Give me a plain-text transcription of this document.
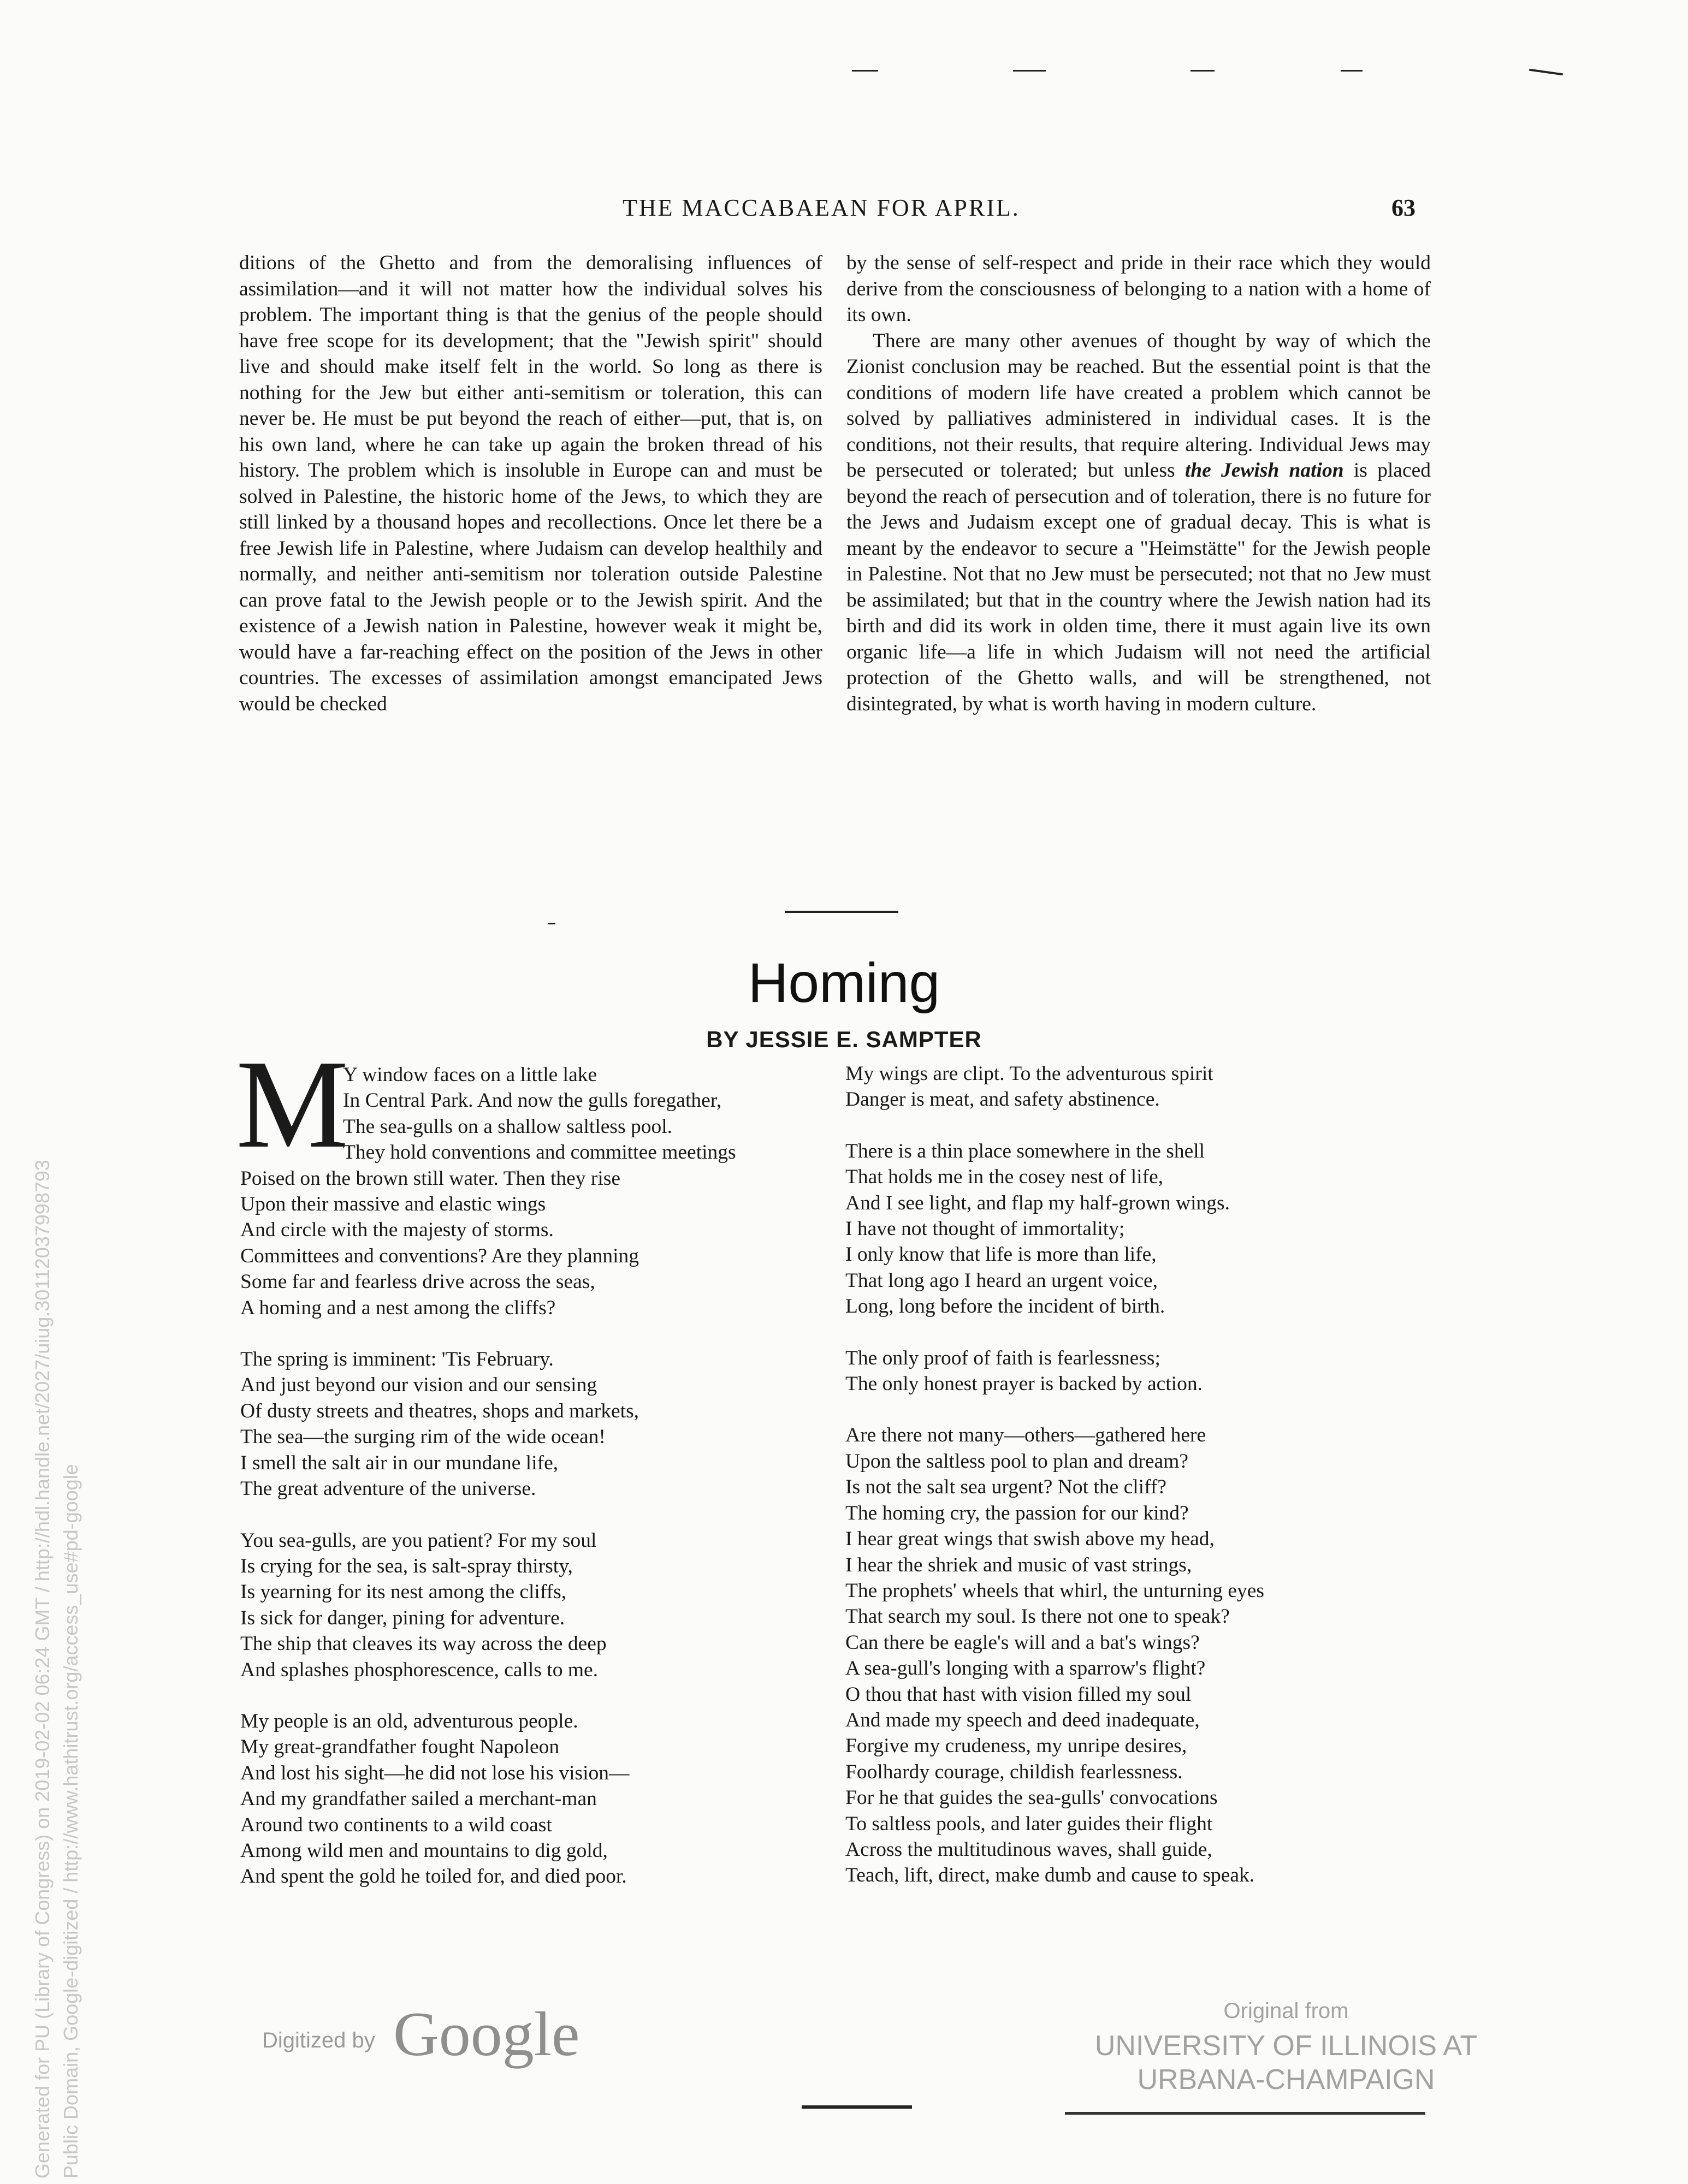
THE MACCABAEAN FOR APRIL.	63

ditions of the Ghetto and from the demoralising influences of assimilation—and it will not matter how the individual solves his problem. The important thing is that the genius of the people should have free scope for its development; that the "Jewish spirit" should live and should make itself felt in the world. So long as there is nothing for the Jew but either anti-semitism or toleration, this can never be. He must be put beyond the reach of either—put, that is, on his own land, where he can take up again the broken thread of his history. The problem which is insoluble in Europe can and must be solved in Palestine, the historic home of the Jews, to which they are still linked by a thousand hopes and recollections. Once let there be a free Jewish life in Palestine, where Judaism can develop healthily and normally, and neither anti-semitism nor toleration outside Palestine can prove fatal to the Jewish people or to the Jewish spirit. And the existence of a Jewish nation in Palestine, however weak it might be, would have a far-reaching effect on the position of the Jews in other countries. The excesses of assimilation amongst emancipated Jews would be checked

by the sense of self-respect and pride in their race which they would derive from the consciousness of belonging to a nation with a home of its own.

There are many other avenues of thought by way of which the Zionist conclusion may be reached. But the essential point is that the conditions of modern life have created a problem which cannot be solved by palliatives administered in individual cases. It is the conditions, not their results, that require altering. Individual Jews may be persecuted or tolerated; but unless the Jewish nation is placed beyond the reach of persecution and of toleration, there is no future for the Jews and Judaism except one of gradual decay. This is what is meant by the endeavor to secure a "Heimstätte" for the Jewish people in Palestine. Not that no Jew must be persecuted; not that no Jew must be assimilated; but that in the country where the Jewish nation had its birth and did its work in olden time, there it must again live its own organic life—a life in which Judaism will not need the artificial protection of the Ghetto walls, and will be strengthened, not disintegrated, by what is worth having in modern culture.

Homing
BY JESSIE E. SAMPTER
M
Y window faces on a little lake
In Central Park. And now the gulls foregather,
The sea-gulls on a shallow saltless pool.
They hold conventions and committee meetings
Poised on the brown still water. Then they rise
Upon their massive and elastic wings
And circle with the majesty of storms.
Committees and conventions? Are they planning
Some far and fearless drive across the seas,
A homing and a nest among the cliffs?
The spring is imminent: 'Tis February.
And just beyond our vision and our sensing
Of dusty streets and theatres, shops and markets,
The sea—the surging rim of the wide ocean!
I smell the salt air in our mundane life,
The great adventure of the universe.
You sea-gulls, are you patient? For my soul
Is crying for the sea, is salt-spray thirsty,
Is yearning for its nest among the cliffs,
Is sick for danger, pining for adventure.
The ship that cleaves its way across the deep
And splashes phosphorescence, calls to me.
My people is an old, adventurous people.
My great-grandfather fought Napoleon
And lost his sight—he did not lose his vision—
And my grandfather sailed a merchant-man
Around two continents to a wild coast
Among wild men and mountains to dig gold,
And spent the gold he toiled for, and died poor.
My wings are clipt. To the adventurous spirit
Danger is meat, and safety abstinence.
There is a thin place somewhere in the shell
That holds me in the cosey nest of life,
And I see light, and flap my half-grown wings.
I have not thought of immortality;
I only know that life is more than life,
That long ago I heard an urgent voice,
Long, long before the incident of birth.
The only proof of faith is fearlessness;
The only honest prayer is backed by action.
Are there not many—others—gathered here
Upon the saltless pool to plan and dream?
Is not the salt sea urgent? Not the cliff?
The homing cry, the passion for our kind?
I hear great wings that swish above my head,
I hear the shriek and music of vast strings,
The prophets' wheels that whirl, the unturning eyes
That search my soul. Is there not one to speak?
Can there be eagle's will and a bat's wings?
A sea-gull's longing with a sparrow's flight?
O thou that hast with vision filled my soul
And made my speech and deed inadequate,
Forgive my crudeness, my unripe desires,
Foolhardy courage, childish fearlessness.
For he that guides the sea-gulls' convocations
To saltless pools, and later guides their flight
Across the multitudinous waves, shall guide,
Teach, lift, direct, make dumb and cause to speak.
Generated for PU (Library of Congress) on 2019-02-02 06:24 GMT / http://hdl.handle.net/2027/uiug.30112037998793 Public Domain, Google-digitized / http://www.hathitrust.org/access_use#pd-google	Digitized by Google	Original from
UNIVERSITY OF ILLINOIS AT
URBANA-CHAMPAIGN
